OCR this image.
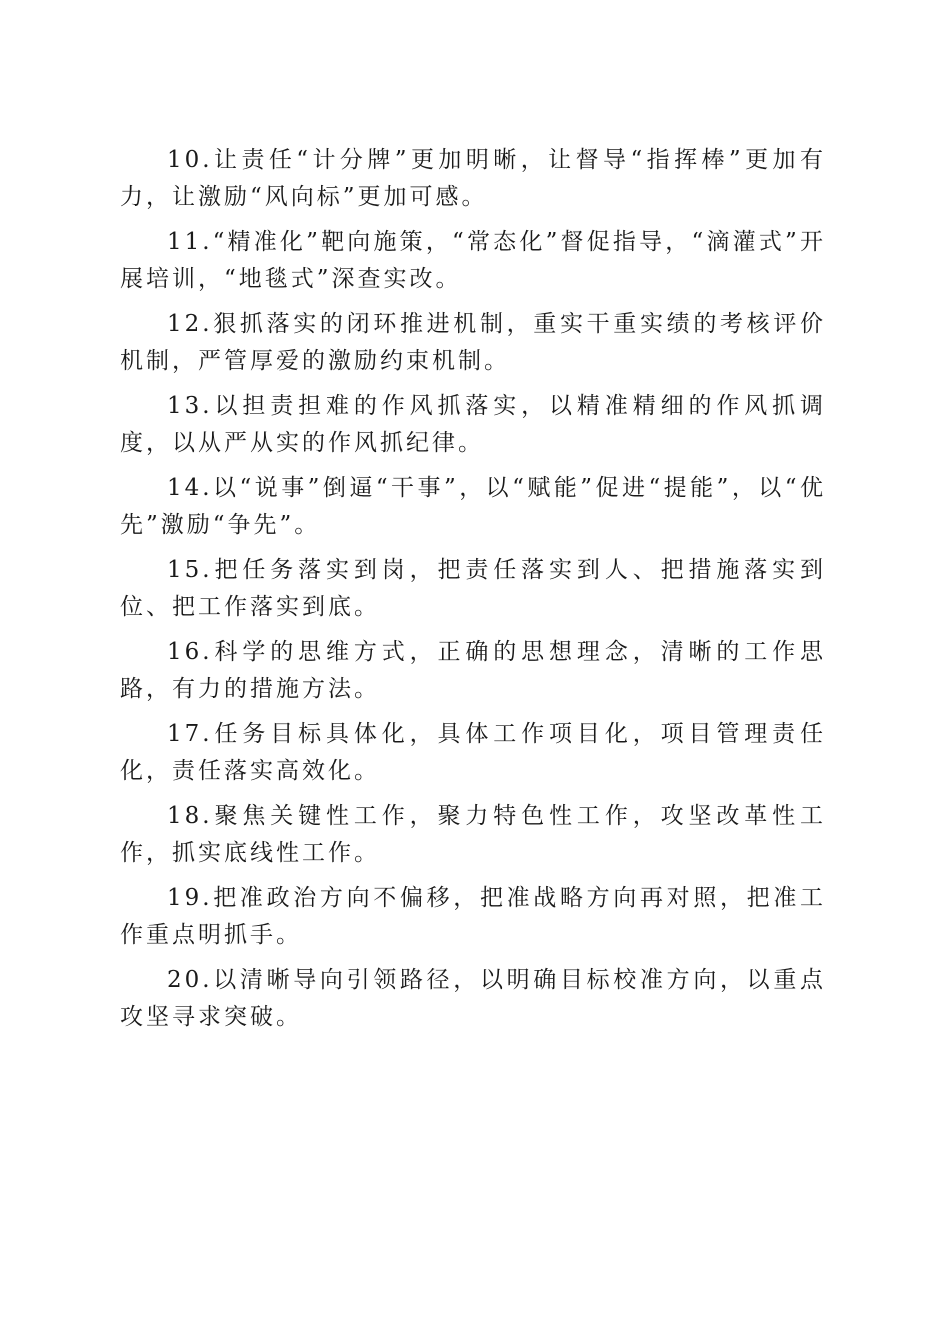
10.让责任“计分牌”更加明晰，让督导“指挥棒”更加有力，让激励“风向标”更加可感。

11.“精准化”靶向施策，“常态化”督促指导，“滴灌式”开展培训，“地毯式”深查实改。

12.狠抓落实的闭环推进机制，重实干重实绩的考核评价机制，严管厚爱的激励约束机制。

13.以担责担难的作风抓落实，以精准精细的作风抓调度，以从严从实的作风抓纪律。

14.以“说事”倒逼“干事”，以“赋能”促进“提能”，以“优先”激励“争先”。

15.把任务落实到岗，把责任落实到人、把措施落实到位、把工作落实到底。

16.科学的思维方式，正确的思想理念，清晰的工作思路，有力的措施方法。

17.任务目标具体化，具体工作项目化，项目管理责任化，责任落实高效化。

18.聚焦关键性工作，聚力特色性工作，攻坚改革性工作，抓实底线性工作。

19.把准政治方向不偏移，把准战略方向再对照，把准工作重点明抓手。

20.以清晰导向引领路径，以明确目标校准方向，以重点攻坚寻求突破。
